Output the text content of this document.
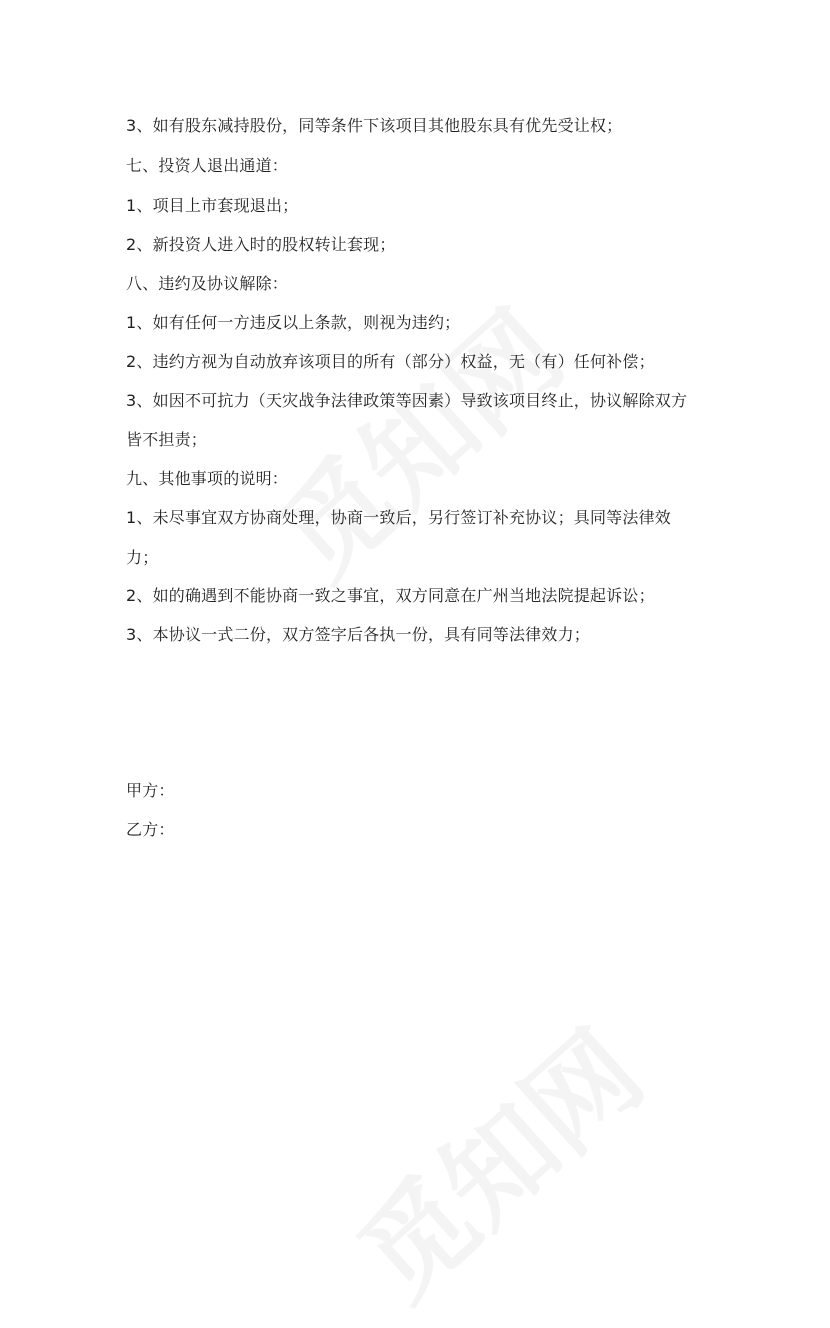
3、如有股东减持股份，同等条件下该项目其他股东具有优先受让权；
七、投资人退出通道：
1、项目上市套现退出；
2、新投资人进入时的股权转让套现；
八、违约及协议解除：
1、如有任何一方违反以上条款，则视为违约；
2、违约方视为自动放弃该项目的所有（部分）权益，无（有）任何补偿；
3、如因不可抗力（天灾战争法律政策等因素）导致该项目终止，协议解除双方
皆不担责；
九、其他事项的说明：
1、未尽事宜双方协商处理，协商一致后，另行签订补充协议；具同等法律效
力；
2、如的确遇到不能协商一致之事宜，双方同意在广州当地法院提起诉讼；
3、本协议一式二份，双方签字后各执一份，具有同等法律效力；
甲方：
乙方：
